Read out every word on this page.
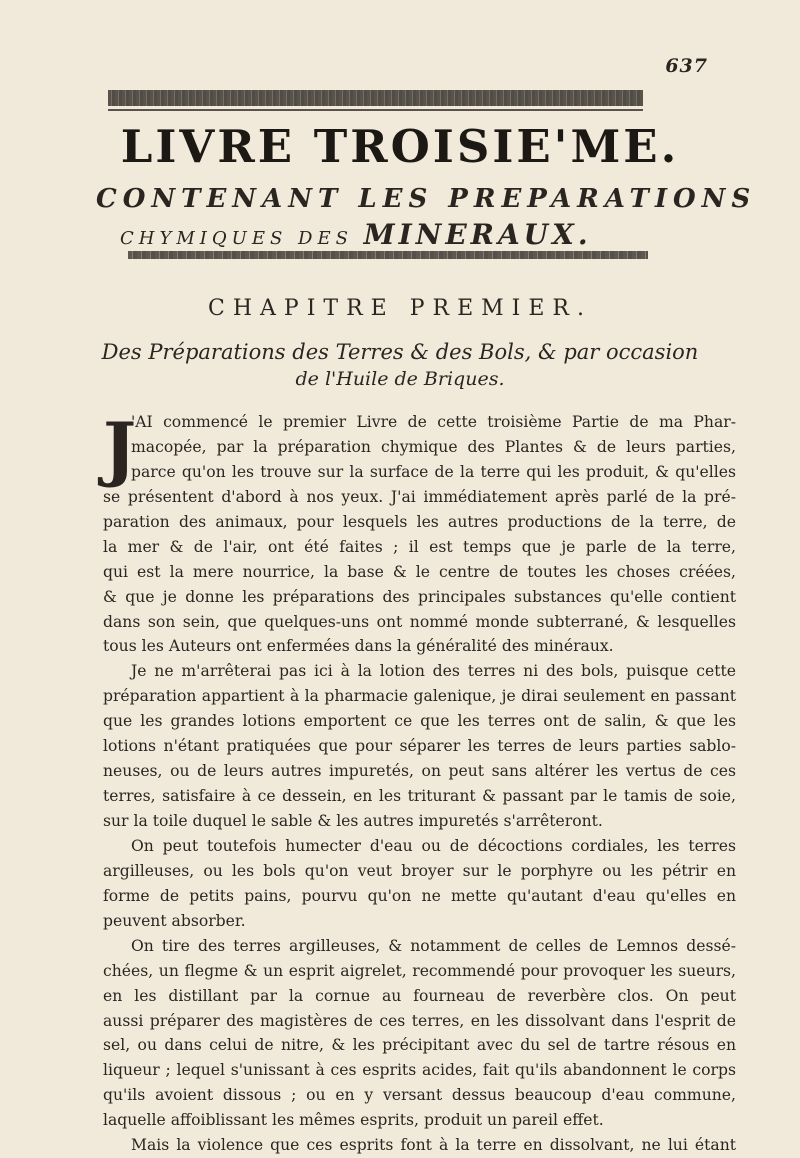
637
LIVRE TROISIE'ME.
CONTENANT LES PREPARATIONS
CHYMIQUES DES MINERAUX.
CHAPITRE PREMIER.
Des Préparations des Terres & des Bols, & par occasion
de l'Huile de Briques.
J
'AI commencé le premier Livre de cette troisième Partie de ma Phar-
macopée, par la préparation chymique des Plantes & de leurs parties,
parce qu'on les trouve sur la surface de la terre qui les produit, & qu'elles
se présentent d'abord à nos yeux. J'ai immédiatement après parlé de la pré-
paration des animaux, pour lesquels les autres productions de la terre, de
la mer & de l'air, ont été faites ; il est temps que je parle de la terre,
qui est la mere nourrice, la base & le centre de toutes les choses créées,
& que je donne les préparations des principales substances qu'elle contient
dans son sein, que quelques-uns ont nommé monde subterrané, & lesquelles
tous les Auteurs ont enfermées dans la généralité des minéraux.
Je ne m'arrêterai pas ici à la lotion des terres ni des bols, puisque cette
préparation appartient à la pharmacie galenique, je dirai seulement en passant
que les grandes lotions emportent ce que les terres ont de salin, & que les
lotions n'étant pratiquées que pour séparer les terres de leurs parties sablo-
neuses, ou de leurs autres impuretés, on peut sans altérer les vertus de ces
terres, satisfaire à ce dessein, en les triturant & passant par le tamis de soie,
sur la toile duquel le sable & les autres impuretés s'arrêteront.
On peut toutefois humecter d'eau ou de décoctions cordiales, les terres
argilleuses, ou les bols qu'on veut broyer sur le porphyre ou les pétrir en
forme de petits pains, pourvu qu'on ne mette qu'autant d'eau qu'elles en
peuvent absorber.
On tire des terres argilleuses, & notamment de celles de Lemnos dessé-
chées, un flegme & un esprit aigrelet, recommendé pour provoquer les sueurs,
en les distillant par la cornue au fourneau de reverbère clos. On peut
aussi préparer des magistères de ces terres, en les dissolvant dans l'esprit de
sel, ou dans celui de nitre, & les précipitant avec du sel de tartre résous en
liqueur ; lequel s'unissant à ces esprits acides, fait qu'ils abandonnent le corps
qu'ils avoient dissous ; ou en y versant dessus beaucoup d'eau commune,
laquelle affoiblissant les mêmes esprits, produit un pareil effet.
Mais la violence que ces esprits font à la terre en dissolvant, ne lui étant
